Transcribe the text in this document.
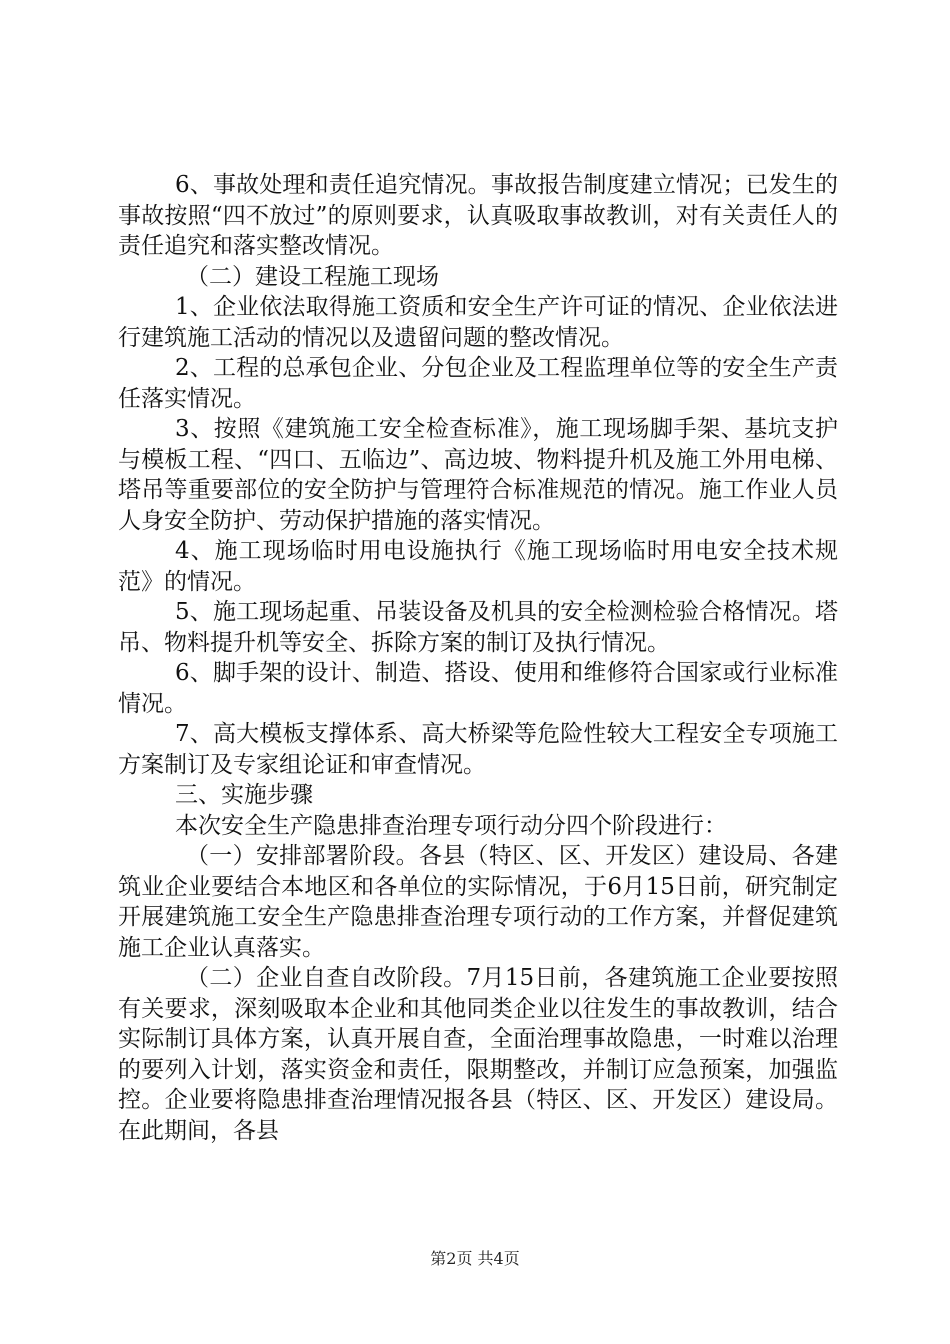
6、事故处理和责任追究情况。事故报告制度建立情况；已发生的事故按照“四不放过”的原则要求，认真吸取事故教训，对有关责任人的责任追究和落实整改情况。

（二）建设工程施工现场

1、企业依法取得施工资质和安全生产许可证的情况、企业依法进行建筑施工活动的情况以及遗留问题的整改情况。

2、工程的总承包企业、分包企业及工程监理单位等的安全生产责任落实情况。

3、按照《建筑施工安全检查标准》，施工现场脚手架、基坑支护与模板工程、“四口、五临边”、高边坡、物料提升机及施工外用电梯、塔吊等重要部位的安全防护与管理符合标准规范的情况。施工作业人员人身安全防护、劳动保护措施的落实情况。

4、施工现场临时用电设施执行《施工现场临时用电安全技术规范》的情况。

5、施工现场起重、吊装设备及机具的安全检测检验合格情况。塔吊、物料提升机等安全、拆除方案的制订及执行情况。

6、脚手架的设计、制造、搭设、使用和维修符合国家或行业标准情况。

7、高大模板支撑体系、高大桥梁等危险性较大工程安全专项施工方案制订及专家组论证和审查情况。

三、实施步骤

本次安全生产隐患排查治理专项行动分四个阶段进行：

（一）安排部署阶段。各县（特区、区、开发区）建设局、各建筑业企业要结合本地区和各单位的实际情况，于6月15日前，研究制定开展建筑施工安全生产隐患排查治理专项行动的工作方案，并督促建筑施工企业认真落实。

（二）企业自查自改阶段。7月15日前，各建筑施工企业要按照有关要求，深刻吸取本企业和其他同类企业以往发生的事故教训，结合实际制订具体方案，认真开展自查，全面治理事故隐患，一时难以治理的要列入计划，落实资金和责任，限期整改，并制订应急预案，加强监控。企业要将隐患排查治理情况报各县（特区、区、开发区）建设局。在此期间，各县

第2页 共4页
